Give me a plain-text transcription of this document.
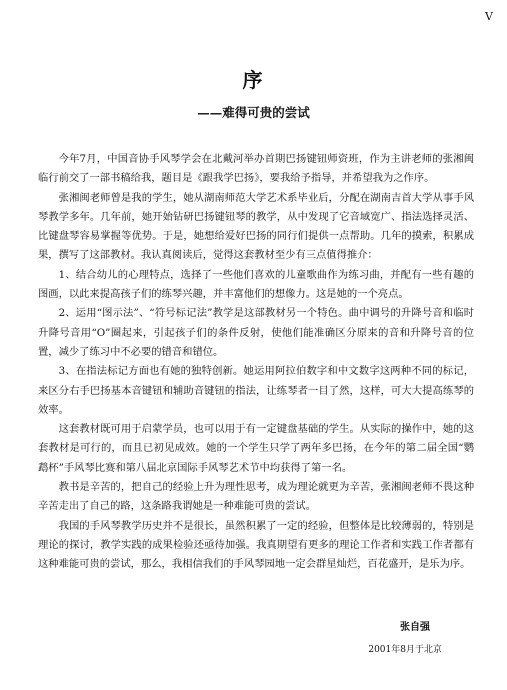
V
序
——难得可贵的尝试

今年7月，中国音协手风琴学会在北戴河举办首期巴扬键钮师资班，作为主讲老师的张湘闽临行前交了一部书稿给我，题目是《跟我学巴扬》，要我给予指导，并希望我为之作序。

张湘闽老师曾是我的学生，她从湖南师范大学艺术系毕业后，分配在湖南吉首大学从事手风琴教学多年。几年前，她开始钻研巴扬键钮琴的教学，从中发现了它音域宽广、指法选择灵活、比键盘琴容易掌握等优势。于是，她想给爱好巴扬的同行们提供一点帮助。几年的摸索，积累成果，撰写了这部教材。我认真阅读后，觉得这套教材至少有三点值得推介：

1、结合幼儿的心理特点，选择了一些他们喜欢的儿童歌曲作为练习曲，并配有一些有趣的图画，以此来提高孩子们的练琴兴趣，并丰富他们的想像力。这是她的一个亮点。

2、运用“图示法”、“符号标记法”教学是这部教材另一个特色。曲中调号的升降号音和临时升降号音用“O”圈起来，引起孩子们的条件反射，使他们能准确区分原来的音和升降号音的位置，减少了练习中不必要的错音和错位。

3、在指法标记方面也有她的独特创新。她运用阿拉伯数字和中文数字这两种不同的标记，来区分右手巴扬基本音键钮和辅助音键钮的指法，让练琴者一目了然，这样，可大大提高练琴的效率。

这套教材既可用于启蒙学员，也可以用于有一定键盘基础的学生。从实际的操作中，她的这套教材是可行的，而且已初见成效。她的一个学生只学了两年多巴扬，在今年的第二届全国“鹦鹉杯”手风琴比赛和第八届北京国际手风琴艺术节中均获得了第一名。

教书是辛苦的，把自己的经验上升为理性思考，成为理论就更为辛苦，张湘闽老师不畏这种辛苦走出了自己的路，这条路我谓她是一种难能可贵的尝试。

我国的手风琴教学历史并不是很长，虽然积累了一定的经验，但整体是比较薄弱的，特别是理论的探讨，教学实践的成果检验还亟待加强。我真期望有更多的理论工作者和实践工作者都有这种难能可贵的尝试，那么，我相信我们的手风琴园地一定会群星灿烂，百花盛开，是乐为序。

张自强
2001年8月于北京
